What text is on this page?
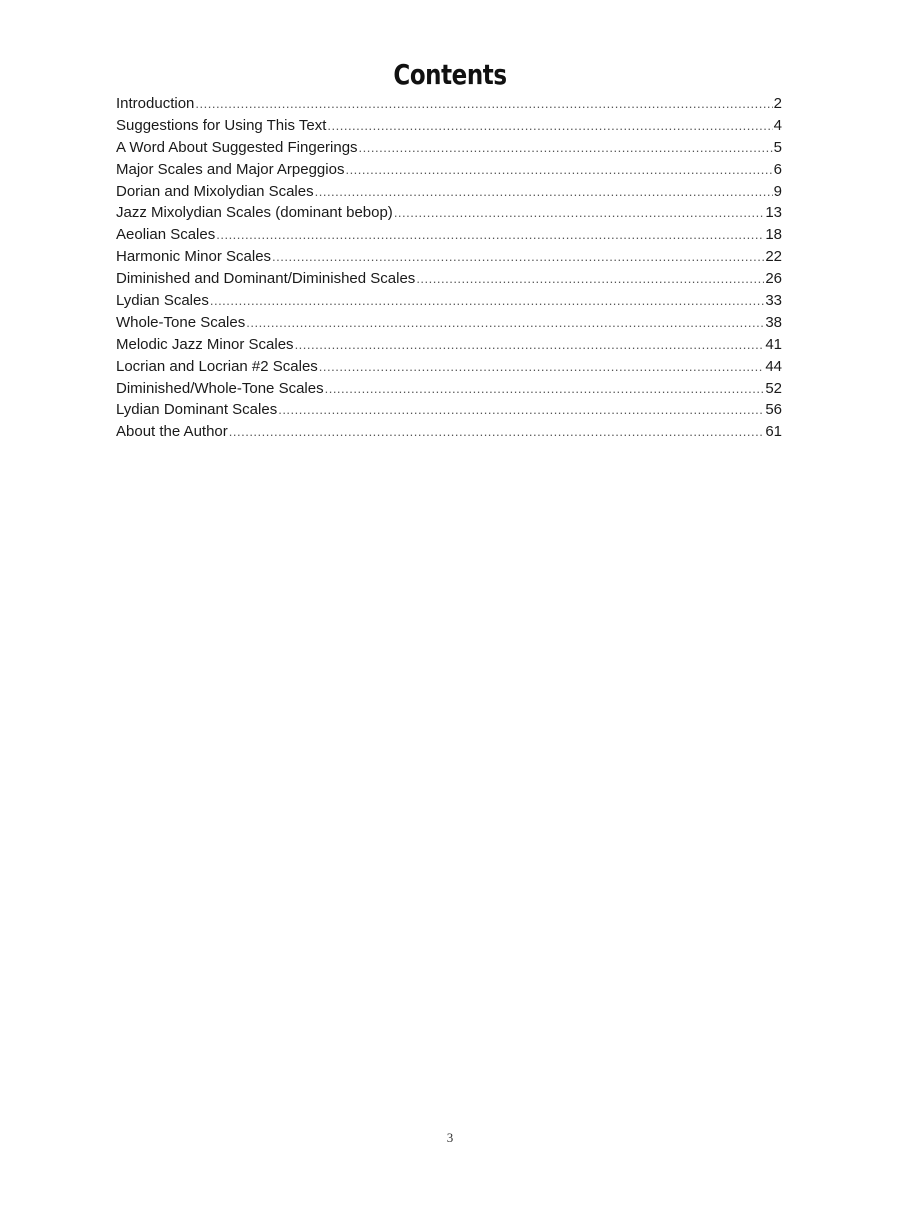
Contents
Introduction .....	2
Suggestions for Using This Text .....	4
A Word About Suggested Fingerings .....	5
Major Scales and Major Arpeggios .....	6
Dorian and Mixolydian Scales .....	9
Jazz Mixolydian Scales (dominant bebop) .....	13
Aeolian Scales .....	18
Harmonic Minor Scales .....	22
Diminished and Dominant/Diminished Scales .....	26
Lydian Scales .....	33
Whole-Tone Scales .....	38
Melodic Jazz Minor Scales .....	41
Locrian and Locrian #2 Scales .....	44
Diminished/Whole-Tone Scales .....	52
Lydian Dominant Scales .....	56
About the Author .....	61
3
